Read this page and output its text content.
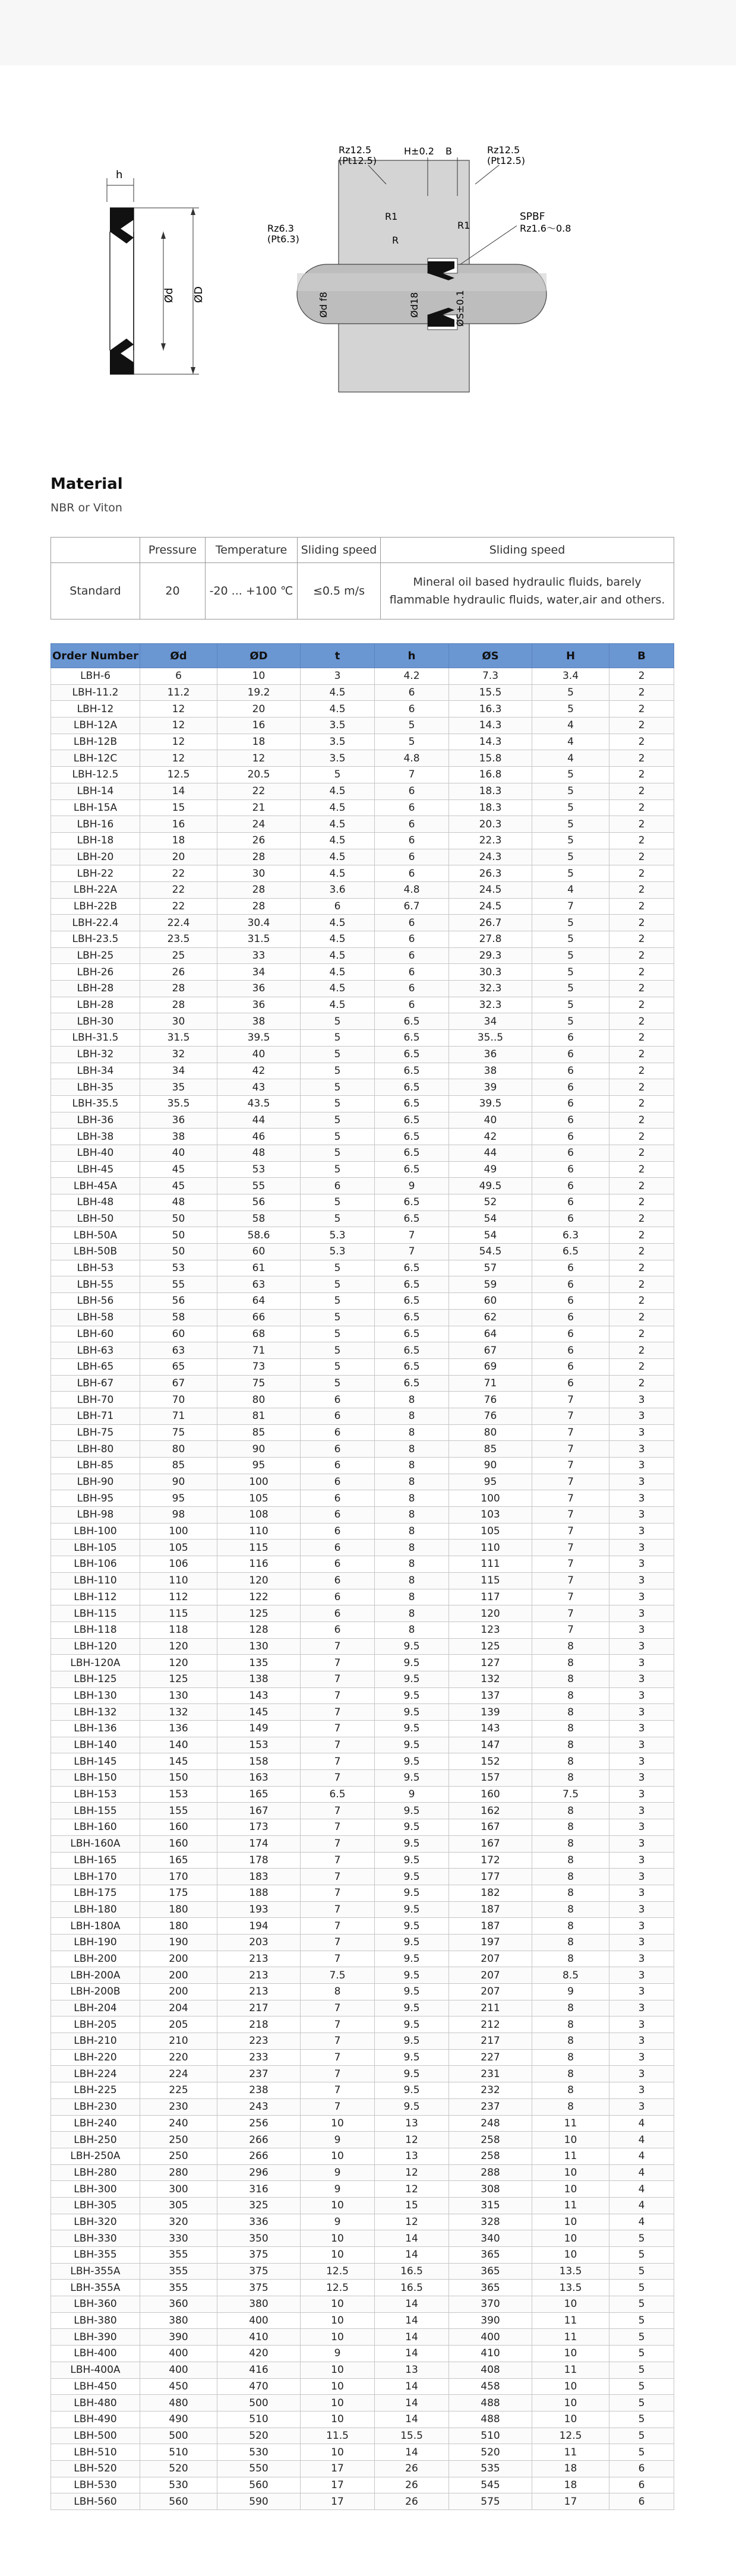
h
Ød ØD
Rz12.5
(Pt12.5)
H±0.2 B	Rz12.5
(Pt12.5)
Rz6.3
(Pt6.3)
R1
R
R1
SPBF
Rz1.6～0.8
Ød f8	Ød18	ØS±0.1
Material
NBR or Viton
	Pressure	Temperature	Sliding speed	Sliding speed
Standard	20	-20 ... +100 ℃	≤0.5 m/s	Mineral oil based hydraulic fluids, barely
flammable hydraulic fluids, water,air and others.
Order Number	Ød	ØD	t	h	ØS	H	B
LBH-6	6	10	3	4.2	7.3	3.4	2
LBH-11.2	11.2	19.2	4.5	6	15.5	5	2
LBH-12	12	20	4.5	6	16.3	5	2
LBH-12A	12	16	3.5	5	14.3	4	2
LBH-12B	12	18	3.5	5	14.3	4	2
LBH-12C	12	12	3.5	4.8	15.8	4	2
LBH-12.5	12.5	20.5	5	7	16.8	5	2
LBH-14	14	22	4.5	6	18.3	5	2
LBH-15A	15	21	4.5	6	18.3	5	2
LBH-16	16	24	4.5	6	20.3	5	2
LBH-18	18	26	4.5	6	22.3	5	2
LBH-20	20	28	4.5	6	24.3	5	2
LBH-22	22	30	4.5	6	26.3	5	2
LBH-22A	22	28	3.6	4.8	24.5	4	2
LBH-22B	22	28	6	6.7	24.5	7	2
LBH-22.4	22.4	30.4	4.5	6	26.7	5	2
LBH-23.5	23.5	31.5	4.5	6	27.8	5	2
LBH-25	25	33	4.5	6	29.3	5	2
LBH-26	26	34	4.5	6	30.3	5	2
LBH-28	28	36	4.5	6	32.3	5	2
LBH-28	28	36	4.5	6	32.3	5	2
LBH-30	30	38	5	6.5	34	5	2
LBH-31.5	31.5	39.5	5	6.5	35..5	6	2
LBH-32	32	40	5	6.5	36	6	2
LBH-34	34	42	5	6.5	38	6	2
LBH-35	35	43	5	6.5	39	6	2
LBH-35.5	35.5	43.5	5	6.5	39.5	6	2
LBH-36	36	44	5	6.5	40	6	2
LBH-38	38	46	5	6.5	42	6	2
LBH-40	40	48	5	6.5	44	6	2
LBH-45	45	53	5	6.5	49	6	2
LBH-45A	45	55	6	9	49.5	6	2
LBH-48	48	56	5	6.5	52	6	2
LBH-50	50	58	5	6.5	54	6	2
LBH-50A	50	58.6	5.3	7	54	6.3	2
LBH-50B	50	60	5.3	7	54.5	6.5	2
LBH-53	53	61	5	6.5	57	6	2
LBH-55	55	63	5	6.5	59	6	2
LBH-56	56	64	5	6.5	60	6	2
LBH-58	58	66	5	6.5	62	6	2
LBH-60	60	68	5	6.5	64	6	2
LBH-63	63	71	5	6.5	67	6	2
LBH-65	65	73	5	6.5	69	6	2
LBH-67	67	75	5	6.5	71	6	2
LBH-70	70	80	6	8	76	7	3
LBH-71	71	81	6	8	76	7	3
LBH-75	75	85	6	8	80	7	3
LBH-80	80	90	6	8	85	7	3
LBH-85	85	95	6	8	90	7	3
LBH-90	90	100	6	8	95	7	3
LBH-95	95	105	6	8	100	7	3
LBH-98	98	108	6	8	103	7	3
LBH-100	100	110	6	8	105	7	3
LBH-105	105	115	6	8	110	7	3
LBH-106	106	116	6	8	111	7	3
LBH-110	110	120	6	8	115	7	3
LBH-112	112	122	6	8	117	7	3
LBH-115	115	125	6	8	120	7	3
LBH-118	118	128	6	8	123	7	3
LBH-120	120	130	7	9.5	125	8	3
LBH-120A	120	135	7	9.5	127	8	3
LBH-125	125	138	7	9.5	132	8	3
LBH-130	130	143	7	9.5	137	8	3
LBH-132	132	145	7	9.5	139	8	3
LBH-136	136	149	7	9.5	143	8	3
LBH-140	140	153	7	9.5	147	8	3
LBH-145	145	158	7	9.5	152	8	3
LBH-150	150	163	7	9.5	157	8	3
LBH-153	153	165	6.5	9	160	7.5	3
LBH-155	155	167	7	9.5	162	8	3
LBH-160	160	173	7	9.5	167	8	3
LBH-160A	160	174	7	9.5	167	8	3
LBH-165	165	178	7	9.5	172	8	3
LBH-170	170	183	7	9.5	177	8	3
LBH-175	175	188	7	9.5	182	8	3
LBH-180	180	193	7	9.5	187	8	3
LBH-180A	180	194	7	9.5	187	8	3
LBH-190	190	203	7	9.5	197	8	3
LBH-200	200	213	7	9.5	207	8	3
LBH-200A	200	213	7.5	9.5	207	8.5	3
LBH-200B	200	213	8	9.5	207	9	3
LBH-204	204	217	7	9.5	211	8	3
LBH-205	205	218	7	9.5	212	8	3
LBH-210	210	223	7	9.5	217	8	3
LBH-220	220	233	7	9.5	227	8	3
LBH-224	224	237	7	9.5	231	8	3
LBH-225	225	238	7	9.5	232	8	3
LBH-230	230	243	7	9.5	237	8	3
LBH-240	240	256	10	13	248	11	4
LBH-250	250	266	9	12	258	10	4
LBH-250A	250	266	10	13	258	11	4
LBH-280	280	296	9	12	288	10	4
LBH-300	300	316	9	12	308	10	4
LBH-305	305	325	10	15	315	11	4
LBH-320	320	336	9	12	328	10	4
LBH-330	330	350	10	14	340	10	5
LBH-355	355	375	10	14	365	10	5
LBH-355A	355	375	12.5	16.5	365	13.5	5
LBH-355A	355	375	12.5	16.5	365	13.5	5
LBH-360	360	380	10	14	370	10	5
LBH-380	380	400	10	14	390	11	5
LBH-390	390	410	10	14	400	11	5
LBH-400	400	420	9	14	410	10	5
LBH-400A	400	416	10	13	408	11	5
LBH-450	450	470	10	14	458	10	5
LBH-480	480	500	10	14	488	10	5
LBH-490	490	510	10	14	488	10	5
LBH-500	500	520	11.5	15.5	510	12.5	5
LBH-510	510	530	10	14	520	11	5
LBH-520	520	550	17	26	535	18	6
LBH-530	530	560	17	26	545	18	6
LBH-560	560	590	17	26	575	17	6
